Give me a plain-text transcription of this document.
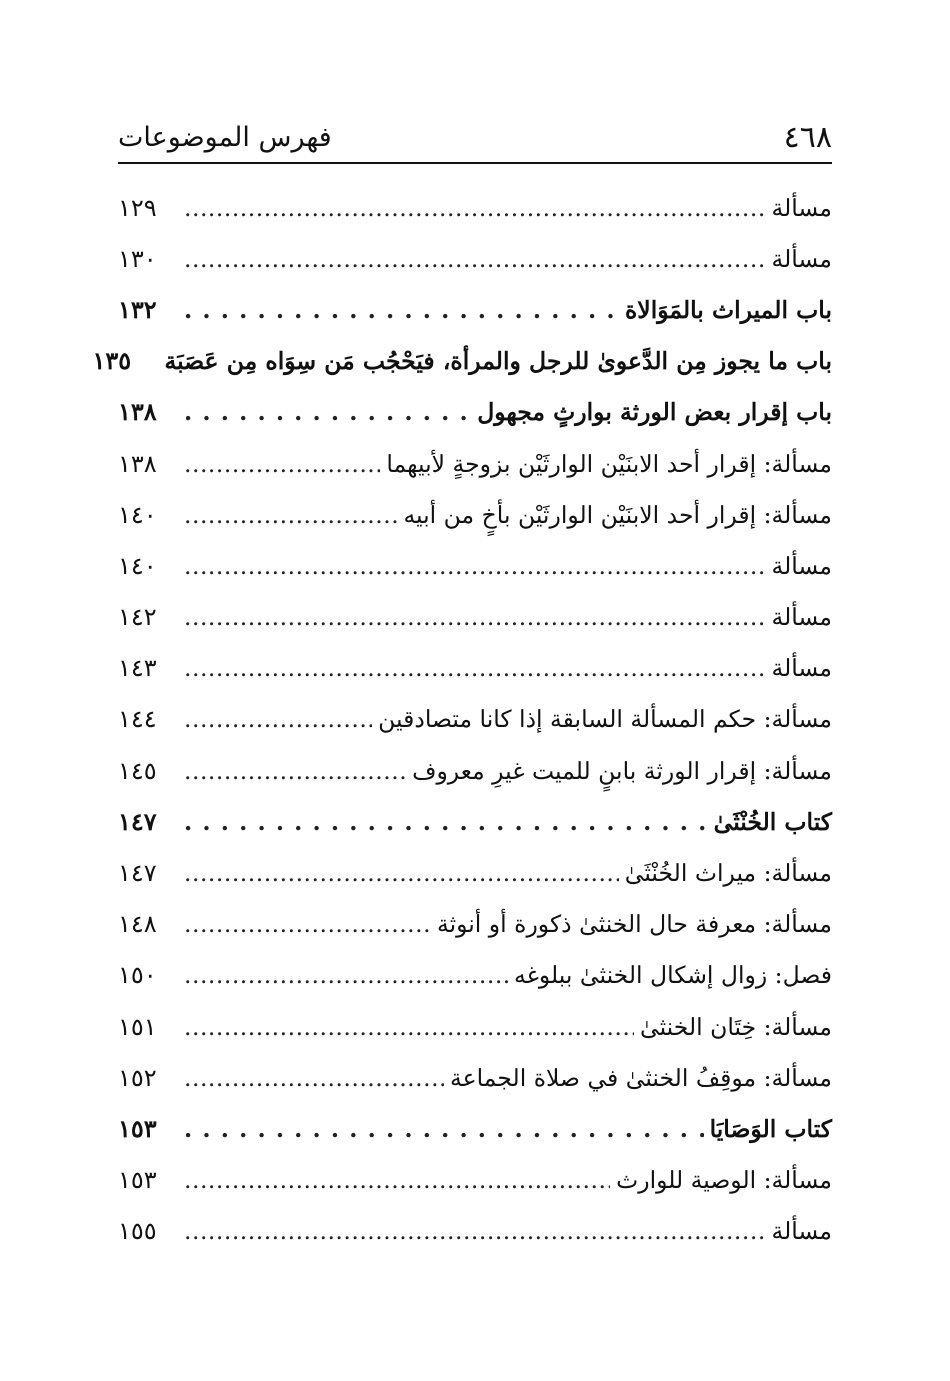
٤٦٨
فهرس الموضوعات
مسألة
.....
١٢٩
مسألة
.....
١٣٠
باب الميراث بالمَوَالاة
. . .
١٣٢
باب ما يجوز مِن الدَّعوىٰ للرجل والمرأة، فيَحْجُب مَن سِوَاه مِن عَصَبَة
١٣٥
باب إقرار بعض الورثة بوارثٍ مجهول
. . .
١٣٨
مسألة: إقرار أحد الابنَيْن الوارثَيْن بزوجةٍ لأبيهما
.....
١٣٨
مسألة: إقرار أحد الابنَيْن الوارثَيْن بأخٍ من أبيه
.....
١٤٠
مسألة
.....
١٤٠
مسألة
.....
١٤٢
مسألة
.....
١٤٣
مسألة: حكم المسألة السابقة إذا كانا متصادقين
.....
١٤٤
مسألة: إقرار الورثة بابنٍ للميت غيرِ معروف
.....
١٤٥
كتاب الخُنْثَىٰ
. . .
١٤٧
مسألة: ميراث الخُنْثَىٰ
.....
١٤٧
مسألة: معرفة حال الخنثىٰ ذكورة أو أنوثة
.....
١٤٨
فصل: زوال إشكال الخنثىٰ ببلوغه
.....
١٥٠
مسألة: خِتَان الخنثىٰ
.....
١٥١
مسألة: موقِفُ الخنثىٰ في صلاة الجماعة
.....
١٥٢
كتاب الوَصَايَا
. . .
١٥٣
مسألة: الوصية للوارث
.....
١٥٣
مسألة
.....
١٥٥
